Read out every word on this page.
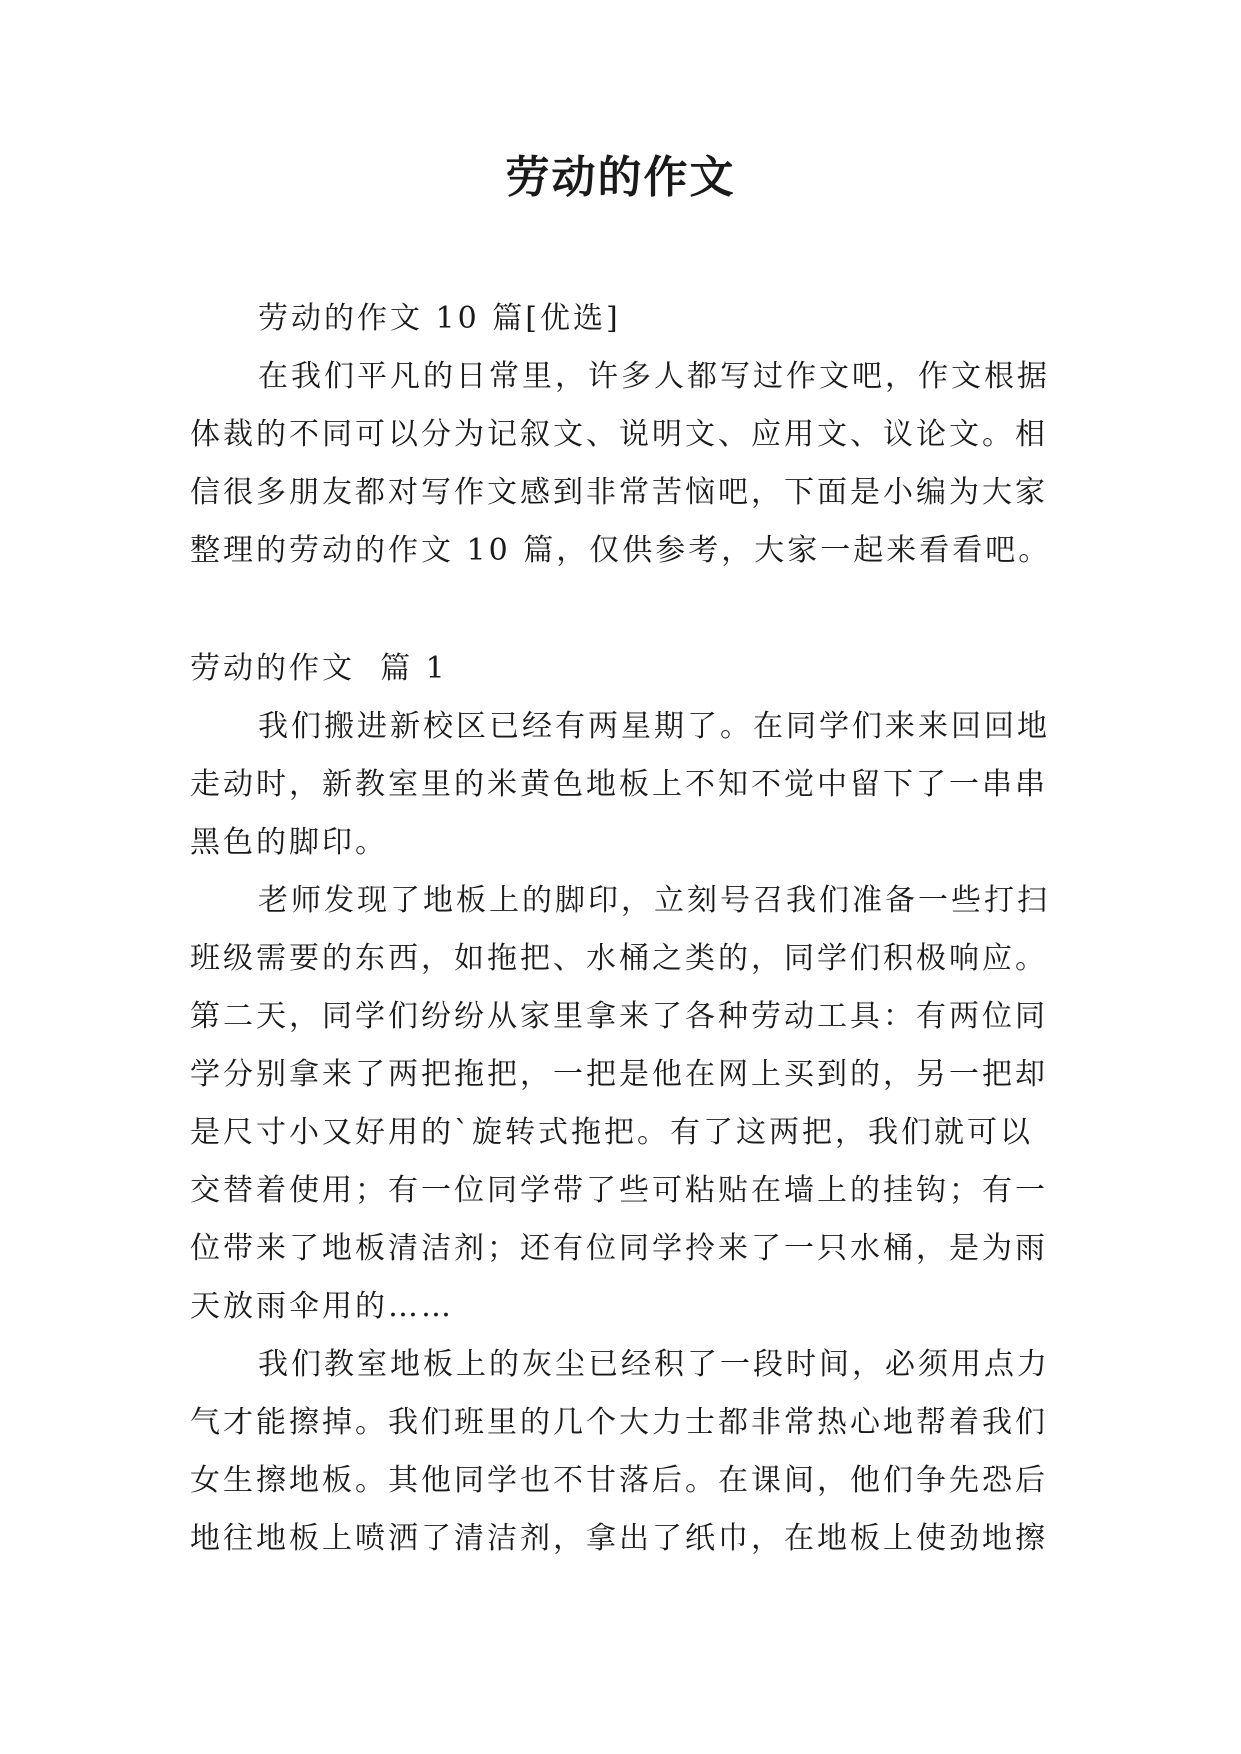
劳动的作文
劳动的作文 10 篇[优选]
在我们平凡的日常里，许多人都写过作文吧，作文根据
体裁的不同可以分为记叙文、说明文、应用文、议论文。相
信很多朋友都对写作文感到非常苦恼吧，下面是小编为大家
整理的劳动的作文 10 篇，仅供参考，大家一起来看看吧。
劳动的作文  篇 1
我们搬进新校区已经有两星期了。在同学们来来回回地
走动时，新教室里的米黄色地板上不知不觉中留下了一串串
黑色的脚印。
老师发现了地板上的脚印，立刻号召我们准备一些打扫
班级需要的东西，如拖把、水桶之类的，同学们积极响应。
第二天，同学们纷纷从家里拿来了各种劳动工具：有两位同
学分别拿来了两把拖把，一把是他在网上买到的，另一把却
是尺寸小又好用的`旋转式拖把。有了这两把，我们就可以
交替着使用；有一位同学带了些可粘贴在墙上的挂钩；有一
位带来了地板清洁剂；还有位同学拎来了一只水桶，是为雨
天放雨伞用的……
我们教室地板上的灰尘已经积了一段时间，必须用点力
气才能擦掉。我们班里的几个大力士都非常热心地帮着我们
女生擦地板。其他同学也不甘落后。在课间，他们争先恐后
地往地板上喷洒了清洁剂，拿出了纸巾，在地板上使劲地擦
